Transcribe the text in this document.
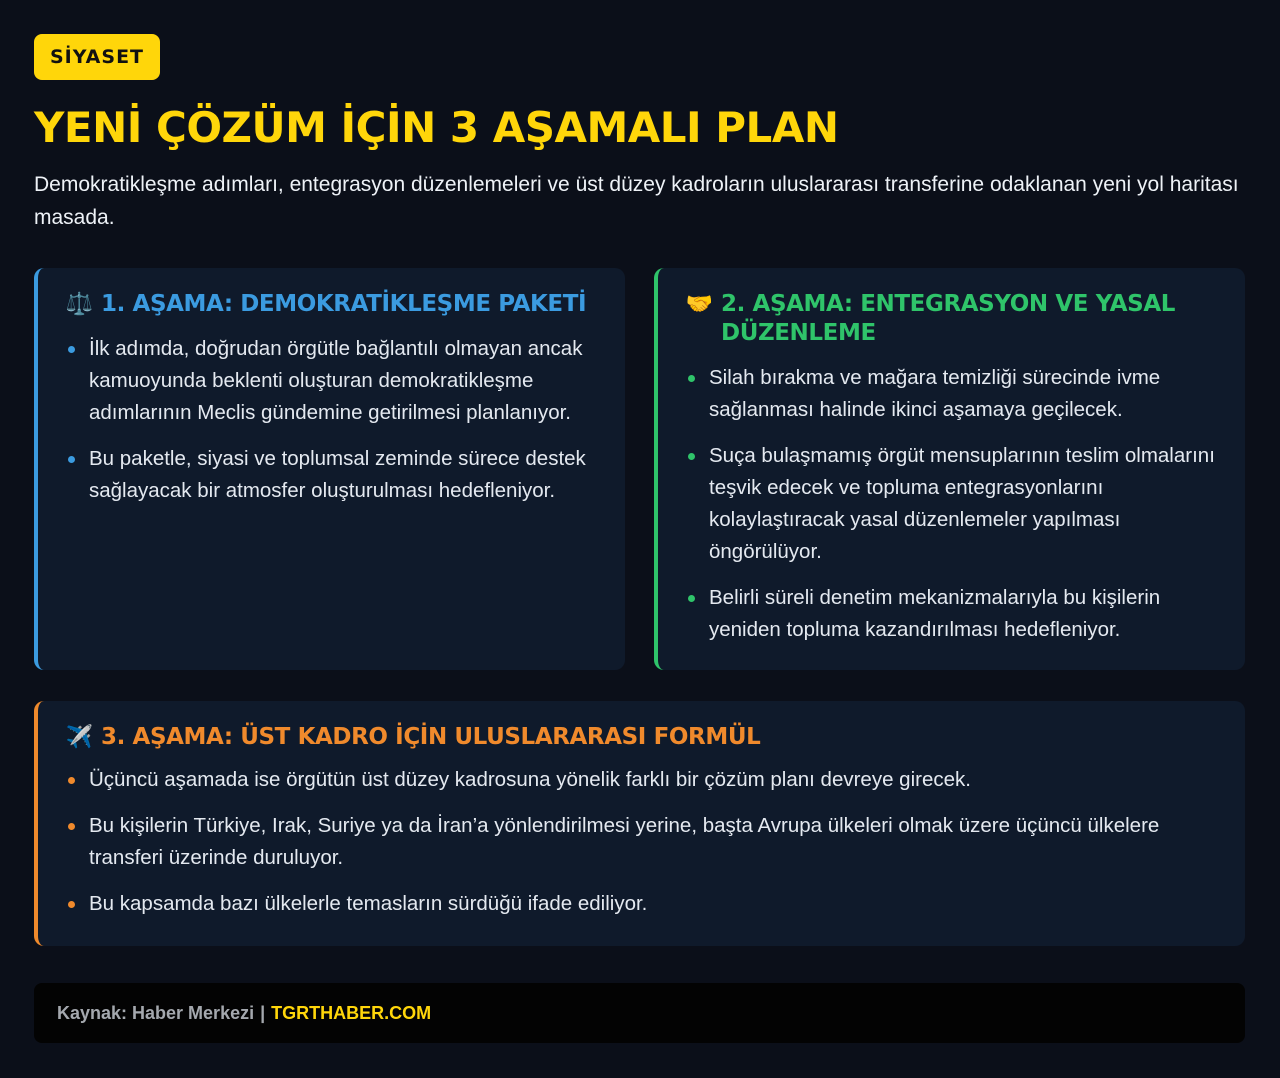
SİYASET
YENİ ÇÖZÜM İÇİN 3 AŞAMALI PLAN

Demokratikleşme adımları, entegrasyon düzenlemeleri ve üst düzey kadroların uluslararası transferine odaklanan yeni yol haritası masada.

⚖️ 1. AŞAMA: DEMOKRATİKLEŞME PAKETİ
İlk adımda, doğrudan örgütle bağlantılı olmayan ancak kamuoyunda beklenti oluşturan demokratikleşme adımlarının Meclis gündemine getirilmesi planlanıyor.
Bu paketle, siyasi ve toplumsal zeminde sürece destek sağlayacak bir atmosfer oluşturulması hedefleniyor.
🤝 2. AŞAMA: ENTEGRASYON VE YASAL DÜZENLEME
Silah bırakma ve mağara temizliği sürecinde ivme sağlanması halinde ikinci aşamaya geçilecek.
Suça bulaşmamış örgüt mensuplarının teslim olmalarını teşvik edecek ve topluma entegrasyonlarını kolaylaştıracak yasal düzenlemeler yapılması öngörülüyor.
Belirli süreli denetim mekanizmalarıyla bu kişilerin yeniden topluma kazandırılması hedefleniyor.
✈️ 3. AŞAMA: ÜST KADRO İÇİN ULUSLARARASI FORMÜL
Üçüncü aşamada ise örgütün üst düzey kadrosuna yönelik farklı bir çözüm planı devreye girecek.
Bu kişilerin Türkiye, Irak, Suriye ya da İran’a yönlendirilmesi yerine, başta Avrupa ülkeleri olmak üzere üçüncü ülkelere transferi üzerinde duruluyor.
Bu kapsamda bazı ülkelerle temasların sürdüğü ifade ediliyor.
Kaynak: Haber Merkezi | TGRTHABER.COM
